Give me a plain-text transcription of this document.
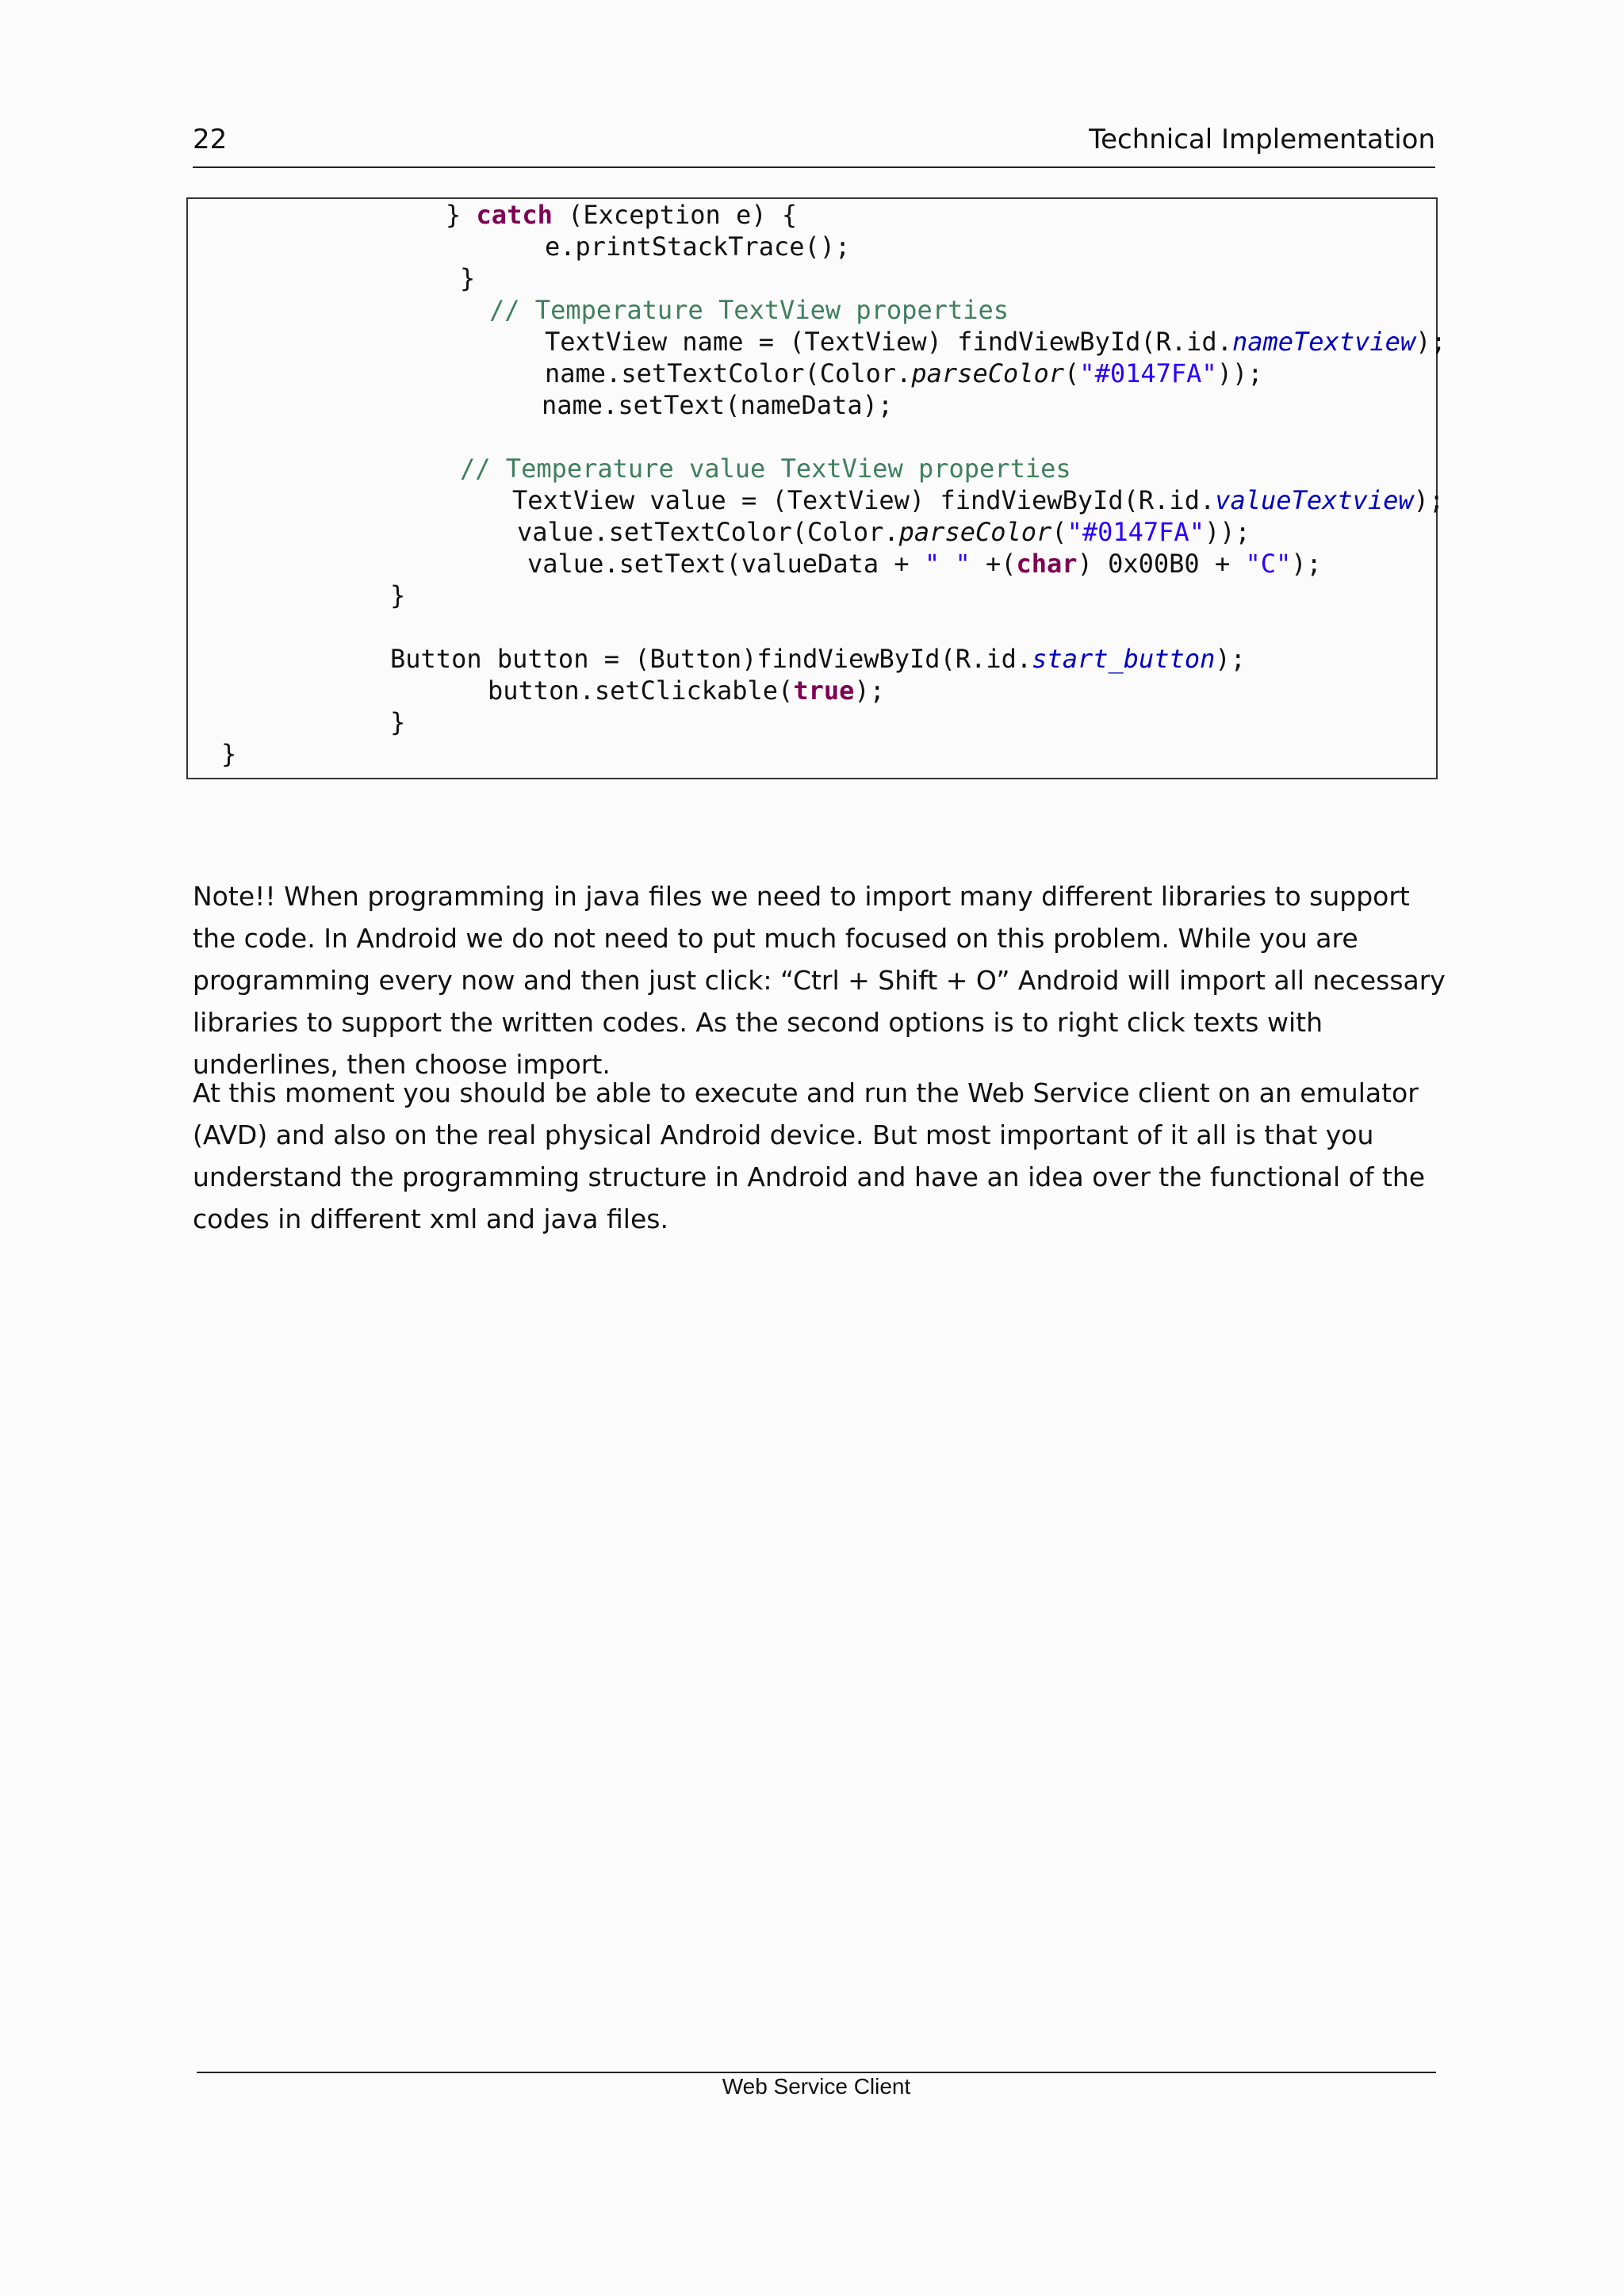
22	Technical Implementation
} catch (Exception e) {
e.printStackTrace();
}
// Temperature TextView properties
TextView name = (TextView) findViewById(R.id.nameTextview);
name.setTextColor(Color.parseColor("#0147FA"));
name.setText(nameData);
// Temperature value TextView properties
TextView value = (TextView) findViewById(R.id.valueTextview);
value.setTextColor(Color.parseColor("#0147FA"));
value.setText(valueData + " " +(char) 0x00B0 + "C");
}
Button button = (Button)findViewById(R.id.start_button);
button.setClickable(true);
}
}

Note!! When programming in java files we need to import many different libraries to support the code. In Android we do not need to put much focused on this problem. While you are programming every now and then just click: “Ctrl + Shift + O” Android will import all necessary libraries to support the written codes. As the second options is to right click texts with underlines, then choose import.

At this moment you should be able to execute and run the Web Service client on an emulator (AVD) and also on the real physical Android device. But most important of it all is that you understand the programming structure in Android and have an idea over the functional of the codes in different xml and java files.

Web Service Client
